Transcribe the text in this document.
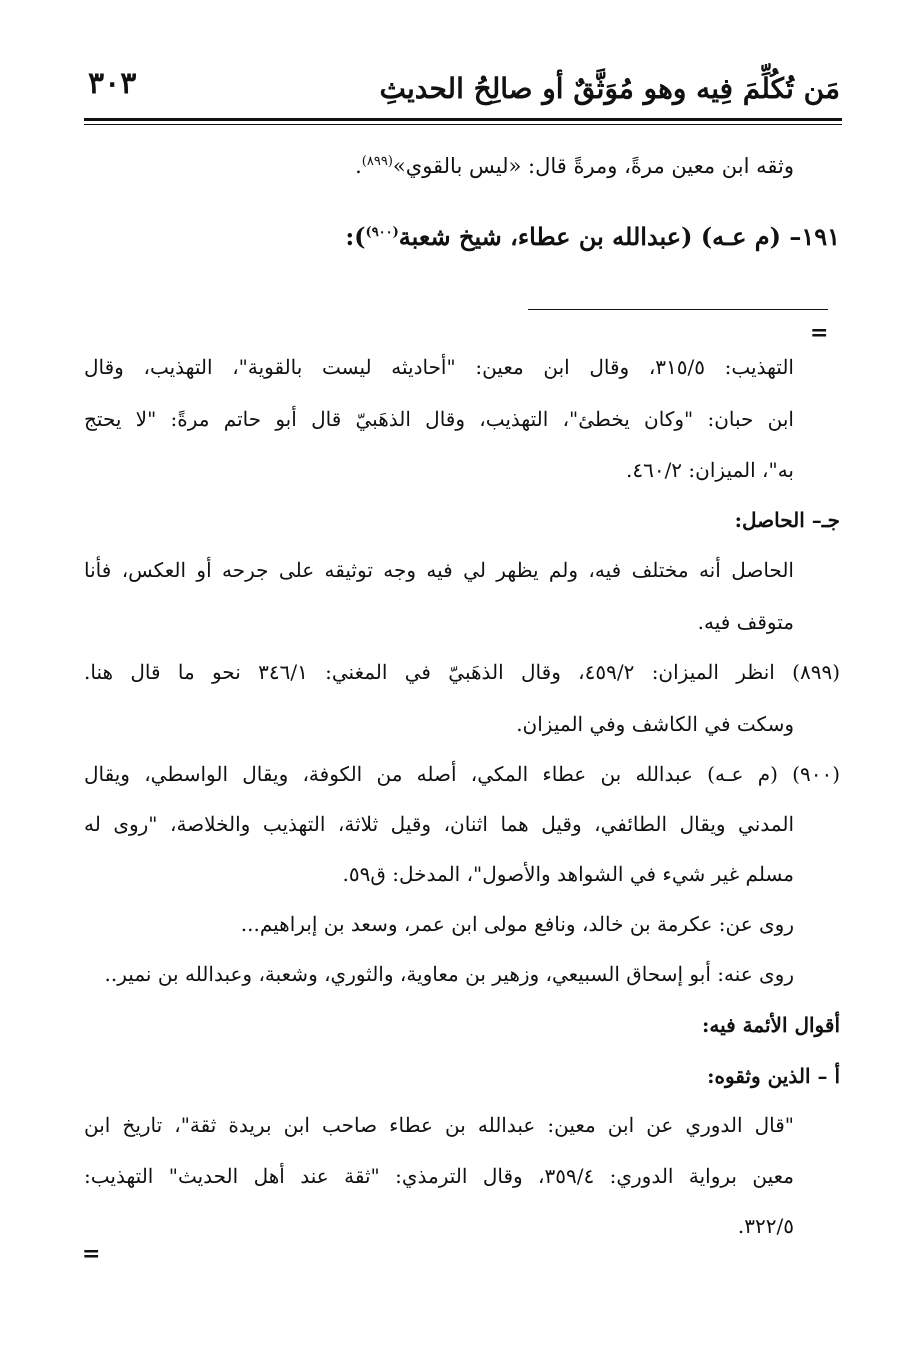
مَن تُكُلِّمَ فِيه وهو مُوَثَّقٌ أو صالِحُ الحديثِ
٣٠٣
وثقه ابن معين مرةً، ومرةً قال: «ليس بالقوي»$^{(٨٩٩)}$.
١٩١– (م عـه) (عبدالله بن عطاء، شيخ شعبة$^{(٩٠٠)}$):
=
التهذيب: ٣١٥/٥، وقال ابن معين: "أحاديثه ليست بالقوية"، التهذيب، وقال
ابن حبان: "وكان يخطئ"، التهذيب، وقال الذهَبيّ قال أبو حاتم مرةً: "لا يحتج
به"، الميزان: ٤٦٠/٢.
جـ– الحاصل:
الحاصل أنه مختلف فيه، ولم يظهر لي فيه وجه توثيقه على جرحه أو العكس، فأنا
متوقف فيه.
(٨٩٩) انظر الميزان: ٤٥٩/٢، وقال الذهَبيّ في المغني: ٣٤٦/١ نحو ما قال هنا.
وسكت في الكاشف وفي الميزان.
(٩٠٠) (م عـه) عبدالله بن عطاء المكي، أصله من الكوفة، ويقال الواسطي، ويقال
المدني ويقال الطائفي، وقيل هما اثنان، وقيل ثلاثة، التهذيب والخلاصة، "روى له
مسلم غير شيء في الشواهد والأصول"، المدخل: ق٥٩.
روى عن: عكرمة بن خالد، ونافع مولى ابن عمر، وسعد بن إبراهيم...
روى عنه: أبو إسحاق السبيعي، وزهير بن معاوية، والثوري، وشعبة، وعبدالله بن نمير..
أقوال الأئمة فيه:
أ – الذين وثقوه:
"قال الدوري عن ابن معين: عبدالله بن عطاء صاحب ابن بريدة ثقة"، تاريخ ابن
معين برواية الدوري: ٣٥٩/٤، وقال الترمذي: "ثقة عند أهل الحديث" التهذيب:
٣٢٢/٥.
=
